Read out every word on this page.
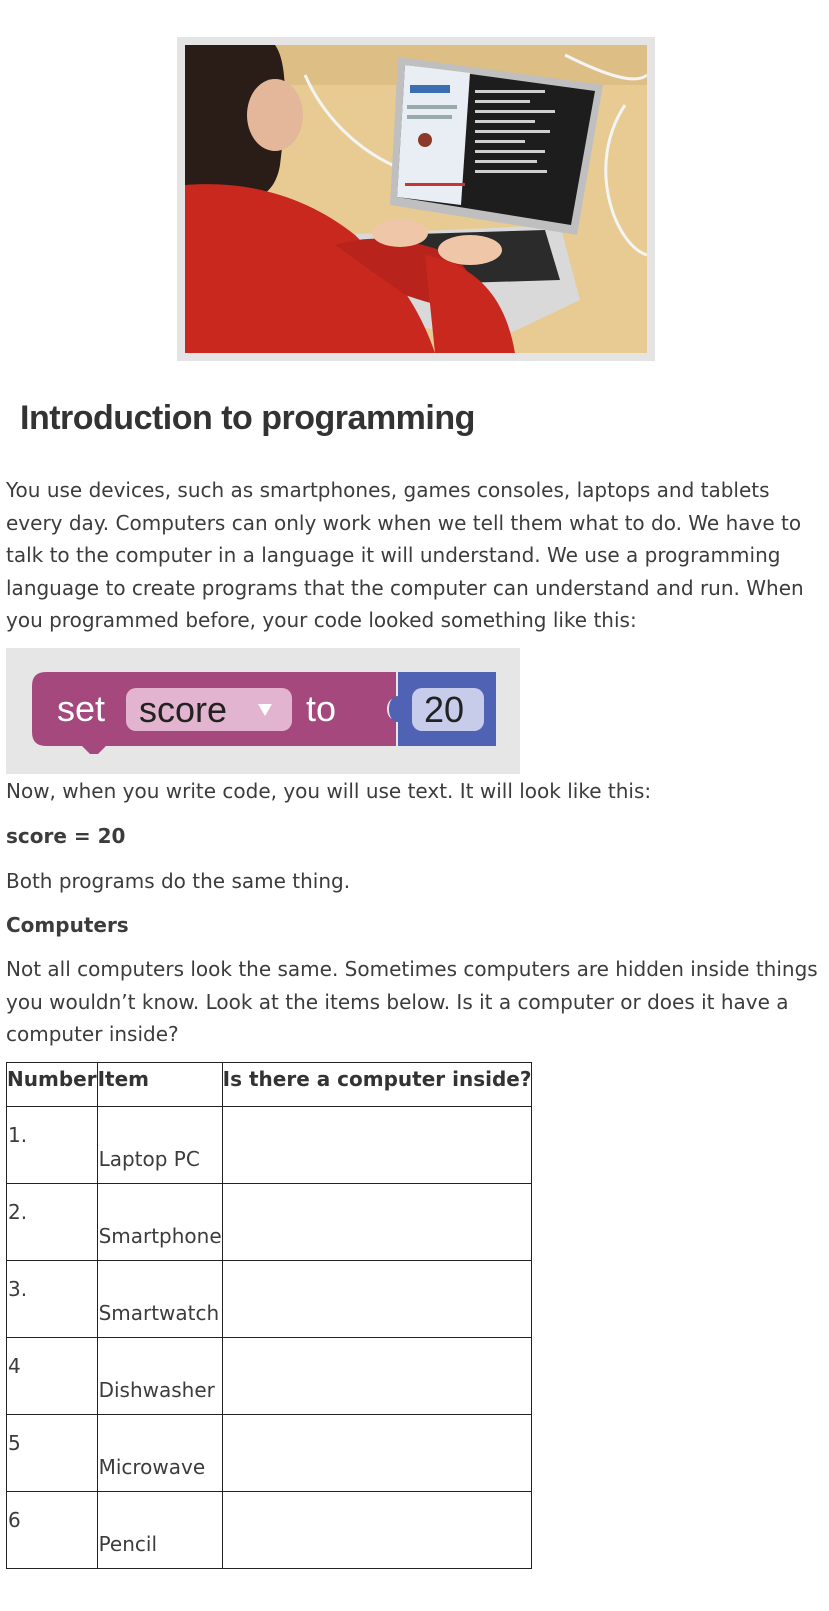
Introduction to programming

You use devices, such as smartphones, games consoles, laptops and tablets every day. Computers can only work when we tell them what to do. We have to talk to the computer in a language it will understand. We use a programming language to create programs that the computer can understand and run. When you programmed before, your code looked something like this:

set score to 20

Now, when you write code, you will use text. It will look like this:

score = 20

Both programs do the same thing.

Computers

Not all computers look the same. Sometimes computers are hidden inside things you wouldn’t know. Look at the items below. Is it a computer or does it have a computer inside?

Number	Item	Is there a computer inside?
1.	Laptop PC	
2.	Smartphone	
3.	Smartwatch	
4	Dishwasher	
5	Microwave	
6	Pencil	
